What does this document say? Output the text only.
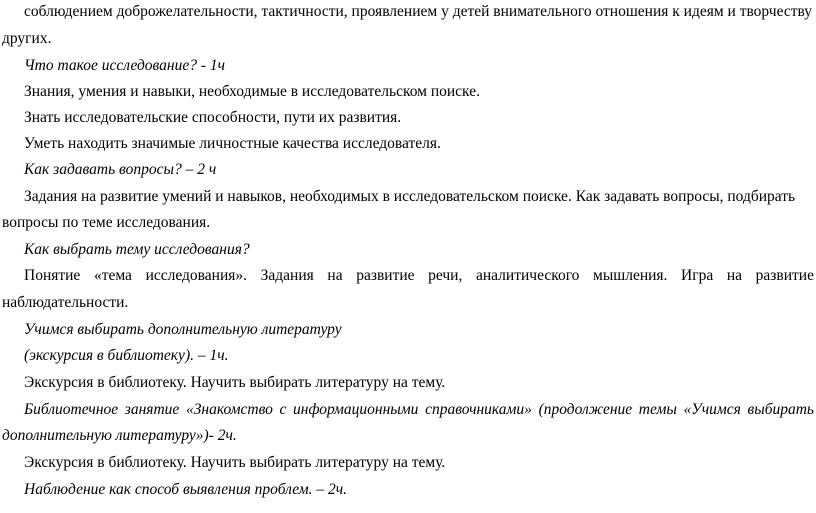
соблюдением доброжелательности, тактичности, проявлением у детей внимательного отношения к идеям и творчеству
других.
Что такое исследование? - 1ч
Знания, умения и навыки, необходимые в исследовательском поиске.
Знать исследовательские способности, пути их развития.
Уметь находить значимые личностные качества исследователя.
Как задавать вопросы? – 2 ч
Задания на развитие умений и навыков, необходимых в исследовательском поиске. Как задавать вопросы, подбирать
вопросы по теме исследования.
Как выбрать тему исследования?
Понятие «тема исследования». Задания на развитие речи, аналитического мышления. Игра на развитие
наблюдательности.
Учимся выбирать дополнительную литературу
(экскурсия в библиотеку). – 1ч.
Экскурсия в библиотеку. Научить выбирать литературу на тему.
Библиотечное занятие «Знакомство с информационными справочниками» (продолжение темы «Учимся выбирать
дополнительную литературу»)- 2ч.
Экскурсия в библиотеку. Научить выбирать литературу на тему.
Наблюдение как способ выявления проблем. – 2ч.
